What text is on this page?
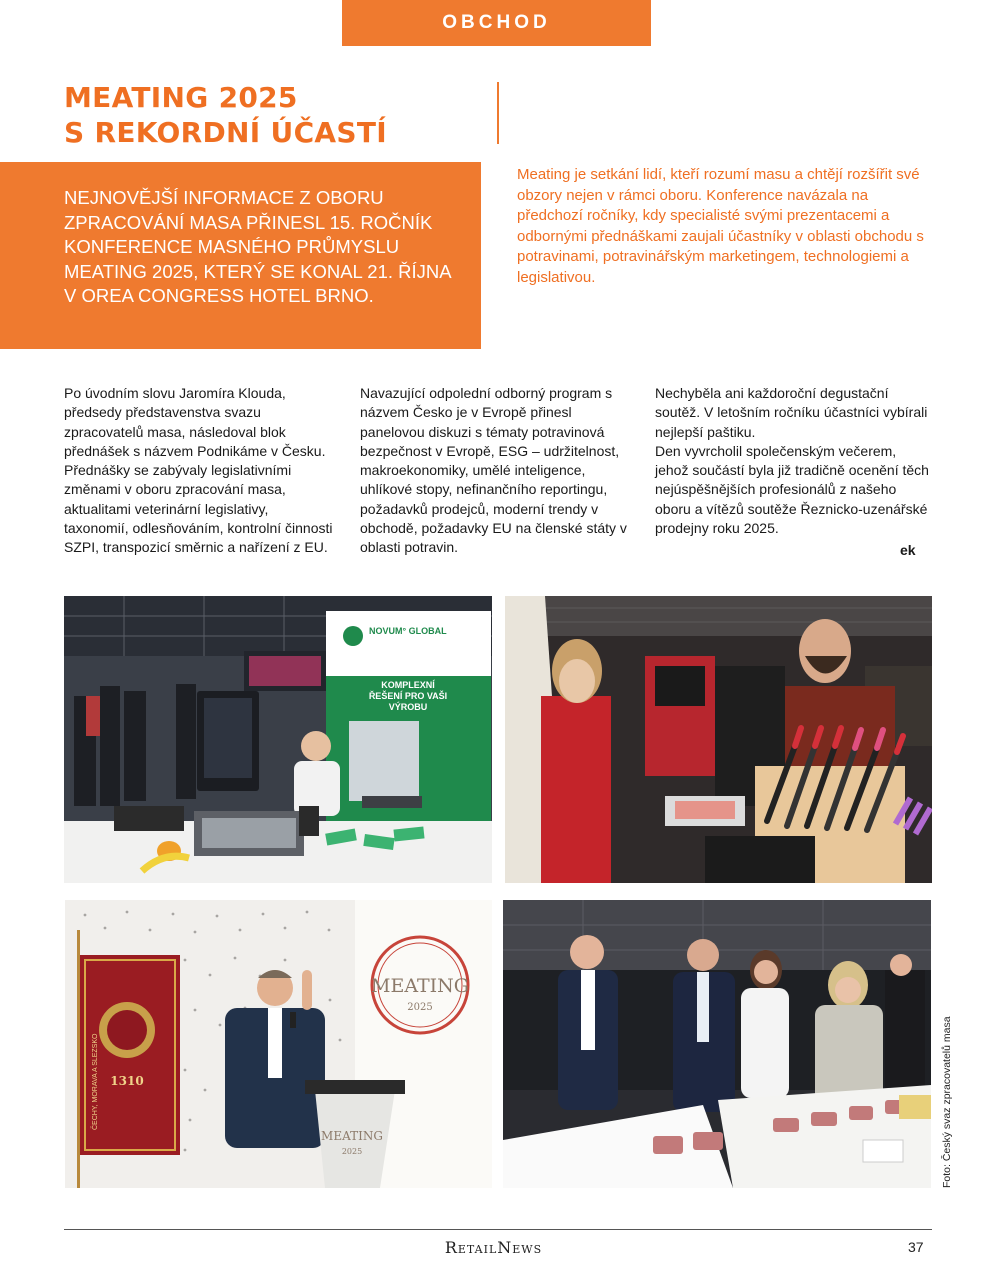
OBCHOD
MEATING 2025
S REKORDNÍ ÚČASTÍ
NEJNOVĚJŠÍ INFORMACE Z OBORU ZPRACOVÁNÍ MASA PŘINESL 15. ROČNÍK KONFERENCE MASNÉHO PRŮMYSLU MEATING 2025, KTERÝ SE KONAL 21. ŘÍJNA V OREA CONGRESS HOTEL BRNO.
Meating je setkání lidí, kteří rozumí masu a chtějí rozšířit své obzory nejen v rámci oboru. Konference navázala na předchozí ročníky, kdy specialisté svými prezentacemi a odbornými přednáškami zaujali účastníky v oblasti obchodu s potravinami, potravinářským marketingem, technologiemi a legislativou.

Po úvodním slovu Jaromíra Klouda, předsedy představenstva svazu zpracovatelů masa, následoval blok přednášek s názvem Podnikáme v Česku. Přednášky se zabývaly legislativními změnami v oboru zpracování masa, aktualitami veterinární legislativy, taxonomií, odlesňováním, kontrolní činnosti SZPI, transpozicí směrnic a nařízení z EU.

Navazující odpolední odborný program s názvem Česko je v Evropě přinesl panelovou diskuzi s tématy potravinová bezpečnost v Evropě, ESG – udržitelnost, makroekonomiky, umělé inteligence, uhlíkové stopy, nefinančního reportingu, požadavků prodejců, moderní trendy v obchodě, požadavky EU na členské státy v oblasti potravin.

Nechyběla ani každoroční degustační soutěž. V letošním ročníku účastníci vybírali nejlepší paštiku.

Den vyvrcholil společenským večerem, jehož součástí byla již tradičně ocenění těch nejúspěšnějších profesionálů z našeho oboru a vítězů soutěže Řeznicko-uzenářské prodejny roku 2025.

ek
NOVUM° GLOBAL
KOMPLEXNÍ
ŘEŠENÍ PRO VAŠI
VÝROBU
MEATING
2025
1310
ČECHY, MORAVA A SLEZSKO
MEATING
2025	Foto: Český svaz zpracovatelů masa
RetailNews	37
